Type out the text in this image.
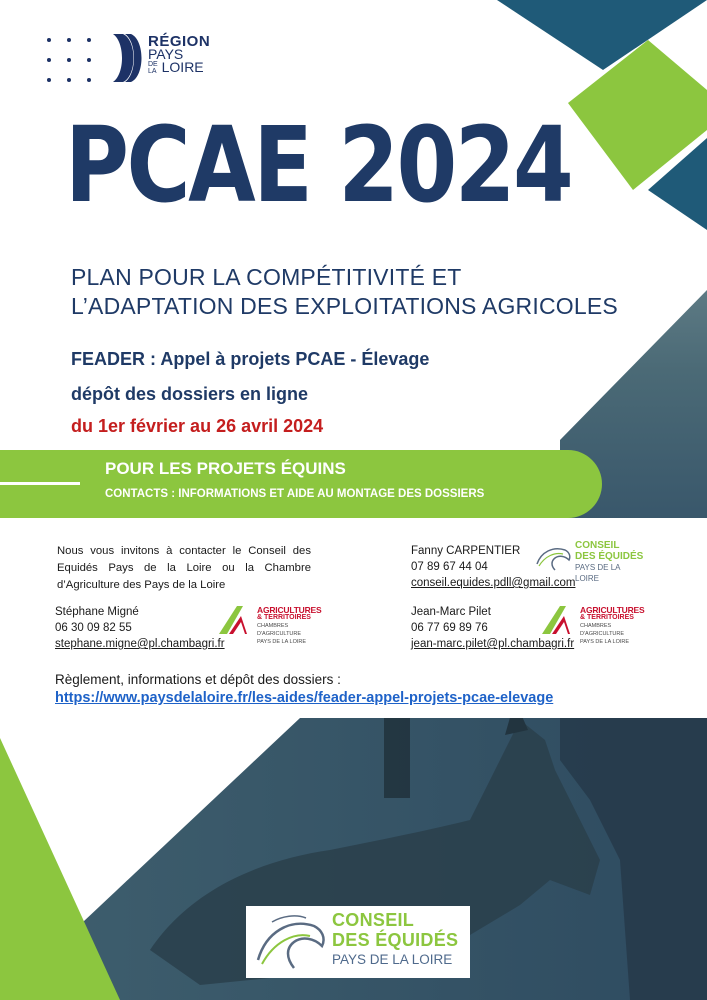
RÉGION
PAYS
DE
LA LOIRE
PCAE 2024
PLAN POUR LA COMPÉTITIVITÉ ET
L’ADAPTATION DES EXPLOITATIONS AGRICOLES
FEADER : Appel à projets PCAE - Élevage
dépôt des dossiers en ligne
du 1er février au 26 avril 2024
POUR LES PROJETS ÉQUINS
CONTACTS : INFORMATIONS ET AIDE AU MONTAGE DES DOSSIERS
Nous vous invitons à contacter le Conseil des Equidés Pays de la Loire ou la Chambre d’Agriculture des Pays de la Loire
Fanny CARPENTIER
07 89 67 44 04
conseil.equides.pdll@gmail.com
CONSEIL
DES ÉQUIDÉS
PAYS DE LA LOIRE
Stéphane Migné
06 30 09 82 55
stephane.migne@pl.chambagri.fr
AGRICULTURES
& TERRITOIRES
CHAMBRES D'AGRICULTURE
PAYS DE LA LOIRE
Jean-Marc Pilet
06 77 69 89 76
jean-marc.pilet@pl.chambagri.fr
AGRICULTURES
& TERRITOIRES
CHAMBRES D'AGRICULTURE
PAYS DE LA LOIRE
Règlement, informations et dépôt des dossiers :
https://www.paysdelaloire.fr/les-aides/feader-appel-projets-pcae-elevage
CONSEIL
DES ÉQUIDÉS
PAYS DE LA LOIRE
